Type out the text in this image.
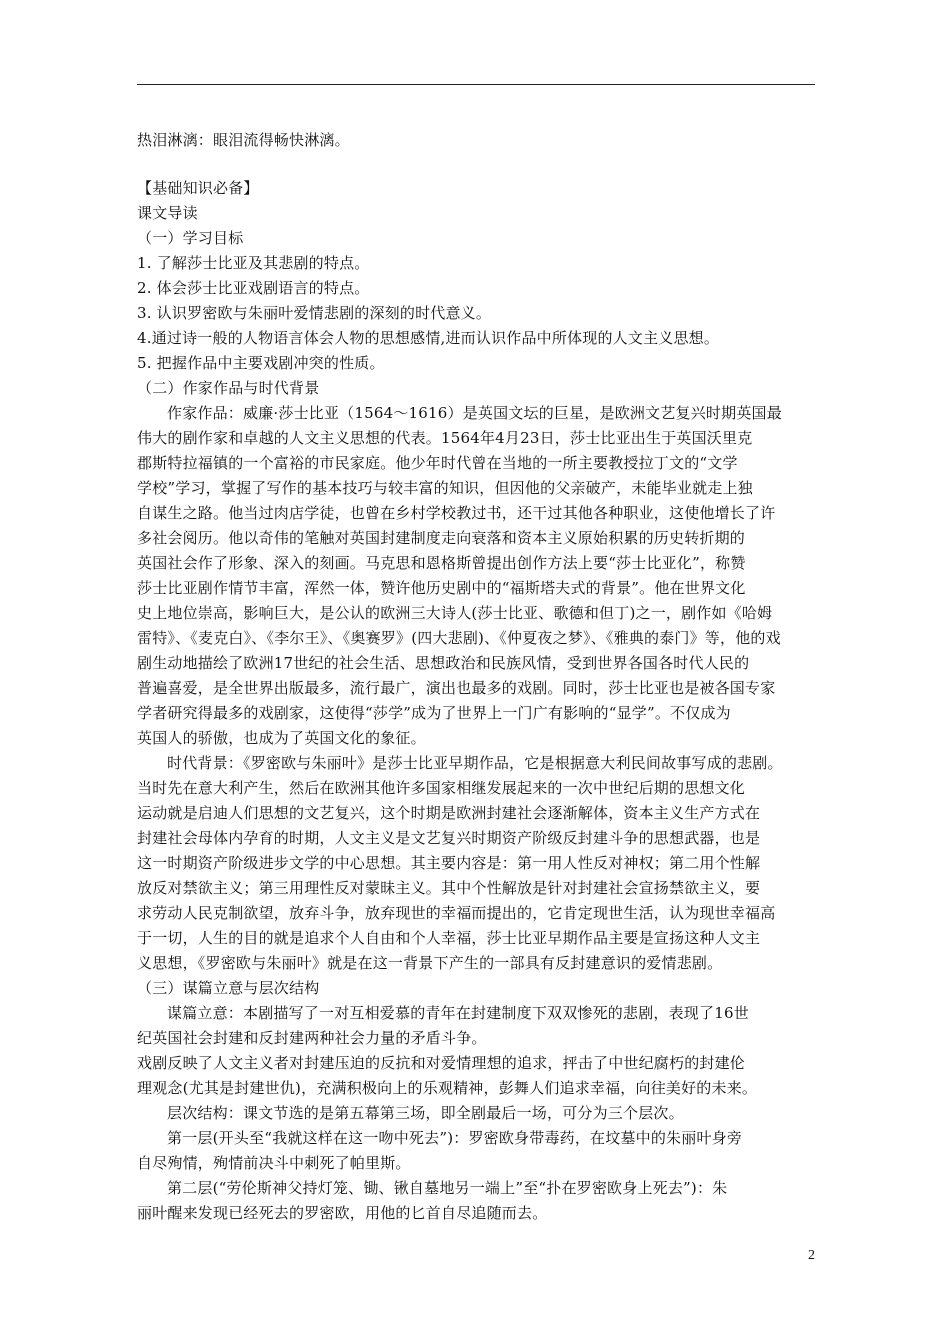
热泪淋漓：眼泪流得畅快淋漓。
【基础知识必备】
课文导读
（一）学习目标
1. 了解莎士比亚及其悲剧的特点。
2. 体会莎士比亚戏剧语言的特点。
3. 认识罗密欧与朱丽叶爱情悲剧的深刻的时代意义。
4.通过诗一般的人物语言体会人物的思想感情,进而认识作品中所体现的人文主义思想。
5. 把握作品中主要戏剧冲突的性质。
（二）作家作品与时代背景
作家作品：威廉·莎士比亚（1564～1616）是英国文坛的巨星，是欧洲文艺复兴时期英国最
伟大的剧作家和卓越的人文主义思想的代表。1564年4月23日，莎士比亚出生于英国沃里克
郡斯特拉福镇的一个富裕的市民家庭。他少年时代曾在当地的一所主要教授拉丁文的“文学
学校”学习，掌握了写作的基本技巧与较丰富的知识，但因他的父亲破产，未能毕业就走上独
自谋生之路。他当过肉店学徒，也曾在乡村学校教过书，还干过其他各种职业，这使他增长了许
多社会阅历。他以奇伟的笔触对英国封建制度走向衰落和资本主义原始积累的历史转折期的
英国社会作了形象、深入的刻画。马克思和恩格斯曾提出创作方法上要“莎士比亚化”，称赞
莎士比亚剧作情节丰富，浑然一体，赞许他历史剧中的“福斯塔夫式的背景”。他在世界文化
史上地位崇高，影响巨大，是公认的欧洲三大诗人(莎士比亚、歌德和但丁)之一，剧作如《哈姆
雷特》、《麦克白》、《李尔王》、《奥赛罗》(四大悲剧)、《仲夏夜之梦》、《雅典的泰门》等，他的戏
剧生动地描绘了欧洲17世纪的社会生活、思想政治和民族风情，受到世界各国各时代人民的
普遍喜爱，是全世界出版最多，流行最广，演出也最多的戏剧。同时，莎士比亚也是被各国专家
学者研究得最多的戏剧家，这使得“莎学”成为了世界上一门广有影响的“显学”。不仅成为
英国人的骄傲，也成为了英国文化的象征。
时代背景：《罗密欧与朱丽叶》是莎士比亚早期作品，它是根据意大利民间故事写成的悲剧。
当时先在意大利产生，然后在欧洲其他许多国家相继发展起来的一次中世纪后期的思想文化
运动就是启迪人们思想的文艺复兴，这个时期是欧洲封建社会逐渐解体，资本主义生产方式在
封建社会母体内孕育的时期，人文主义是文艺复兴时期资产阶级反封建斗争的思想武器，也是
这一时期资产阶级进步文学的中心思想。其主要内容是：第一用人性反对神权；第二用个性解
放反对禁欲主义；第三用理性反对蒙昧主义。其中个性解放是针对封建社会宣扬禁欲主义，要
求劳动人民克制欲望，放弃斗争，放弃现世的幸福而提出的，它肯定现世生活，认为现世幸福高
于一切，人生的目的就是追求个人自由和个人幸福，莎士比亚早期作品主要是宣扬这种人文主
义思想，《罗密欧与朱丽叶》就是在这一背景下产生的一部具有反封建意识的爱情悲剧。
（三）谋篇立意与层次结构
谋篇立意：本剧描写了一对互相爱慕的青年在封建制度下双双惨死的悲剧，表现了16世
纪英国社会封建和反封建两种社会力量的矛盾斗争。
戏剧反映了人文主义者对封建压迫的反抗和对爱情理想的追求，抨击了中世纪腐朽的封建伦
理观念(尤其是封建世仇)，充满积极向上的乐观精神，彭舞人们追求幸福，向往美好的未来。
层次结构：课文节选的是第五幕第三场，即全剧最后一场，可分为三个层次。
第一层(开头至“我就这样在这一吻中死去”)：罗密欧身带毒药，在坟墓中的朱丽叶身旁
自尽殉情，殉情前决斗中刺死了帕里斯。
第二层(“劳伦斯神父持灯笼、锄、锹自墓地另一端上”至“扑在罗密欧身上死去”)：朱
丽叶醒来发现已经死去的罗密欧，用他的匕首自尽追随而去。
2
